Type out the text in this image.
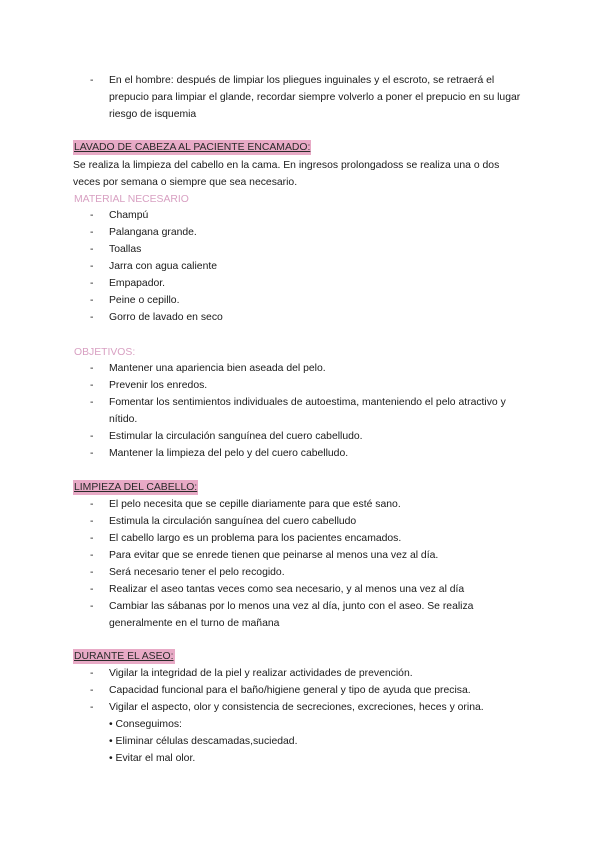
- En el hombre: después de limpiar los pliegues inguinales y el escroto, se retraerá el prepucio para limpiar el glande, recordar siempre volverlo a poner el prepucio en su lugar riesgo de isquemia
LAVADO DE CABEZA AL PACIENTE ENCAMADO:
Se realiza la limpieza del cabello en la cama. En ingresos prolongadoss se realiza una o dos veces por semana o siempre que sea necesario.
MATERIAL NECESARIO
- Champú
- Palangana grande.
- Toallas
- Jarra con agua caliente
- Empapador.
- Peine o cepillo.
- Gorro de lavado en seco
OBJETIVOS:
- Mantener una apariencia bien aseada del pelo.
- Prevenir los enredos.
- Fomentar los sentimientos individuales de autoestima, manteniendo el pelo atractivo y nítido.
- Estimular la circulación sanguínea del cuero cabelludo.
- Mantener la limpieza del pelo y del cuero cabelludo.
LIMPIEZA DEL CABELLO:
- El pelo necesita que se cepille diariamente para que esté sano.
- Estimula la circulación sanguínea del cuero cabelludo
- El cabello largo es un problema para los pacientes encamados.
- Para evitar que se enrede tienen que peinarse al menos una vez al día.
- Será necesario tener el pelo recogido.
- Realizar el aseo tantas veces como sea necesario, y al menos una vez al día
- Cambiar las sábanas por lo menos una vez al día, junto con el aseo. Se realiza generalmente en el turno de mañana
DURANTE EL ASEO:
- Vigilar la integridad de la piel y realizar actividades de prevención.
- Capacidad funcional para el baño/higiene general y tipo de ayuda que precisa.
- Vigilar el aspecto, olor y consistencia de secreciones, excreciones, heces y orina.
• Conseguimos:
• Eliminar células descamadas,suciedad.
• Evitar el mal olor.
